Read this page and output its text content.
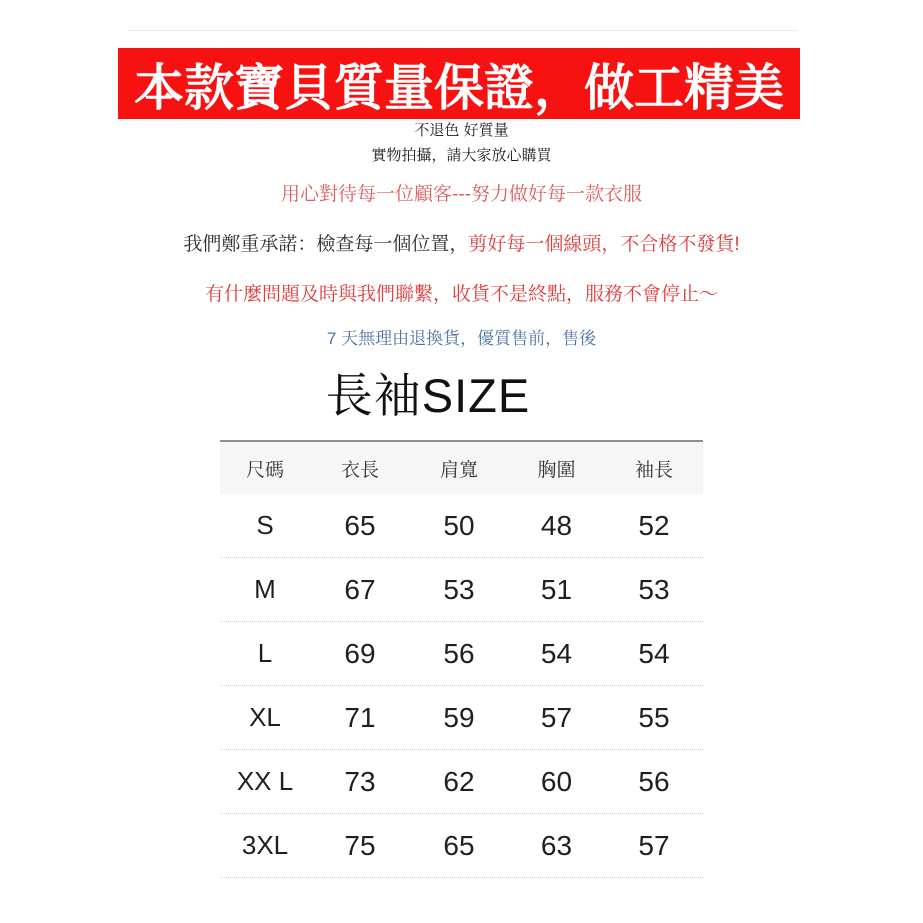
本款寶貝質量保證，做工精美
不退色 好質量
實物拍攝，請大家放心購買
用心對待每一位顧客---努力做好每一款衣服
我們鄭重承諾：檢查每一個位置，剪好每一個線頭，不合格不發貨!
有什麼問題及時與我們聯繫，收貨不是終點，服務不會停止～
7 天無理由退換貨，優質售前，售後
長袖SIZE
尺碼	衣長	肩寬	胸圍	袖長
S	65	50	48	52
M	67	53	51	53
L	69	56	54	54
XL	71	59	57	55
XX L	73	62	60	56
3XL	75	65	63	57
